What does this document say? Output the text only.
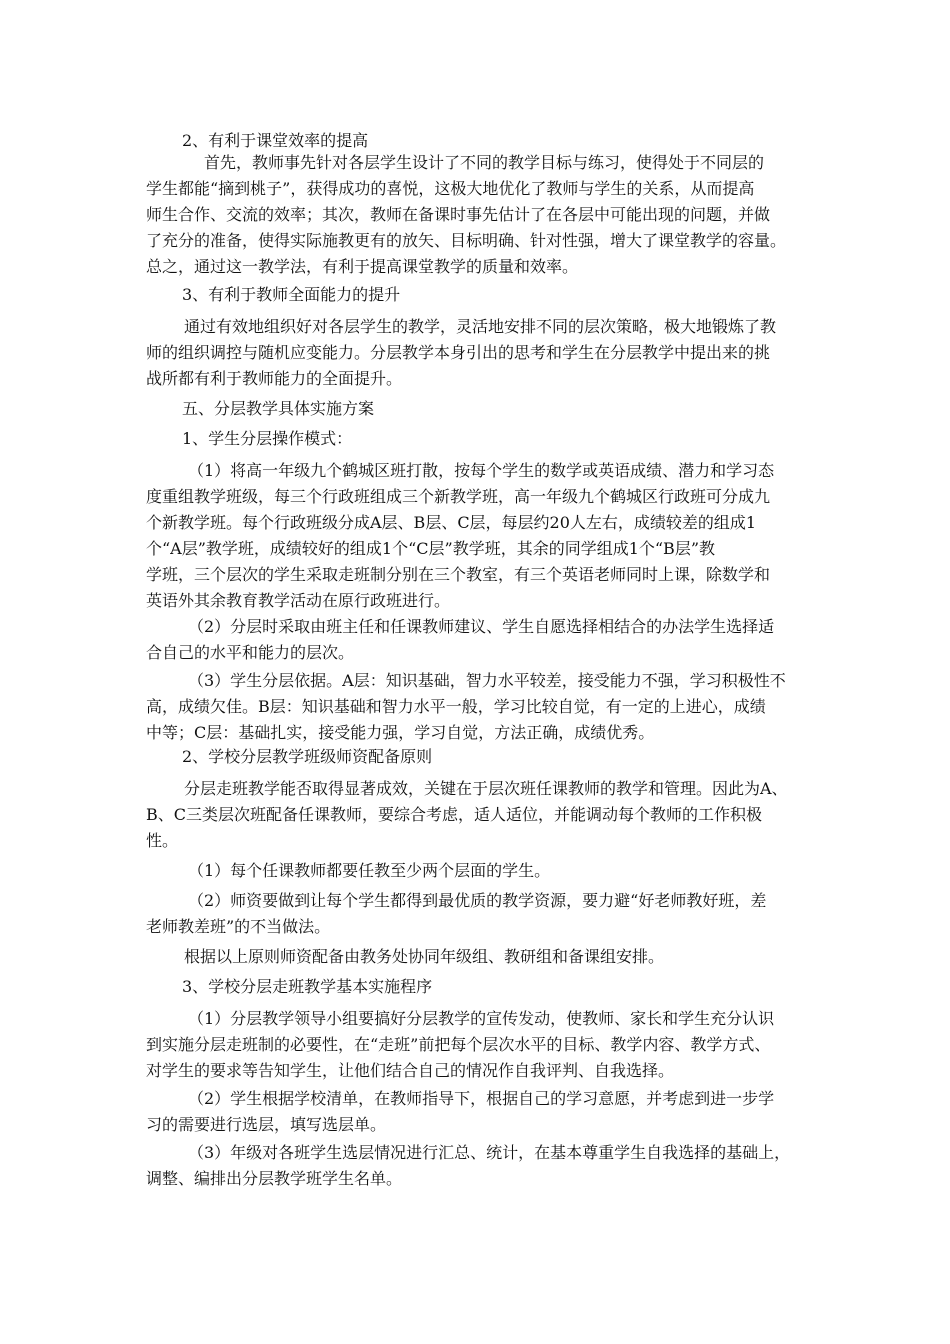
2、有利于课堂效率的提高
首先，教师事先针对各层学生设计了不同的教学目标与练习，使得处于不同层的
学生都能“摘到桃子”，获得成功的喜悦，这极大地优化了教师与学生的关系，从而提高
师生合作、交流的效率；其次，教师在备课时事先估计了在各层中可能出现的问题，并做
了充分的准备，使得实际施教更有的放矢、目标明确、针对性强，增大了课堂教学的容量。
总之，通过这一教学法，有利于提高课堂教学的质量和效率。
3、有利于教师全面能力的提升
通过有效地组织好对各层学生的教学，灵活地安排不同的层次策略，极大地锻炼了教
师的组织调控与随机应变能力。分层教学本身引出的思考和学生在分层教学中提出来的挑
战所都有利于教师能力的全面提升。
五、分层教学具体实施方案
1、学生分层操作模式：
（1）将高一年级九个鹤城区班打散，按每个学生的数学或英语成绩、潜力和学习态
度重组教学班级，每三个行政班组成三个新教学班，高一年级九个鹤城区行政班可分成九
个新教学班。每个行政班级分成A层、B层、C层，每层约20人左右，成绩较差的组成1
个“A层”教学班，成绩较好的组成1个“C层”教学班，其余的同学组成1个“B层”教
学班，三个层次的学生采取走班制分别在三个教室，有三个英语老师同时上课，除数学和
英语外其余教育教学活动在原行政班进行。
（2）分层时采取由班主任和任课教师建议、学生自愿选择相结合的办法学生选择适
合自己的水平和能力的层次。
（3）学生分层依据。A层：知识基础，智力水平较差，接受能力不强，学习积极性不
高，成绩欠佳。B层：知识基础和智力水平一般，学习比较自觉，有一定的上进心，成绩
中等；C层：基础扎实，接受能力强，学习自觉，方法正确，成绩优秀。
2、学校分层教学班级师资配备原则
分层走班教学能否取得显著成效，关键在于层次班任课教师的教学和管理。因此为A、
B、C三类层次班配备任课教师，要综合考虑，适人适位，并能调动每个教师的工作积极
性。
（1）每个任课教师都要任教至少两个层面的学生。
（2）师资要做到让每个学生都得到最优质的教学资源，要力避“好老师教好班，差
老师教差班”的不当做法。
根据以上原则师资配备由教务处协同年级组、教研组和备课组安排。
3、学校分层走班教学基本实施程序
（1）分层教学领导小组要搞好分层教学的宣传发动，使教师、家长和学生充分认识
到实施分层走班制的必要性，在“走班”前把每个层次水平的目标、教学内容、教学方式、
对学生的要求等告知学生，让他们结合自己的情况作自我评判、自我选择。
（2）学生根据学校清单，在教师指导下，根据自己的学习意愿，并考虑到进一步学
习的需要进行选层，填写选层单。
（3）年级对各班学生选层情况进行汇总、统计，在基本尊重学生自我选择的基础上，
调整、编排出分层教学班学生名单。
